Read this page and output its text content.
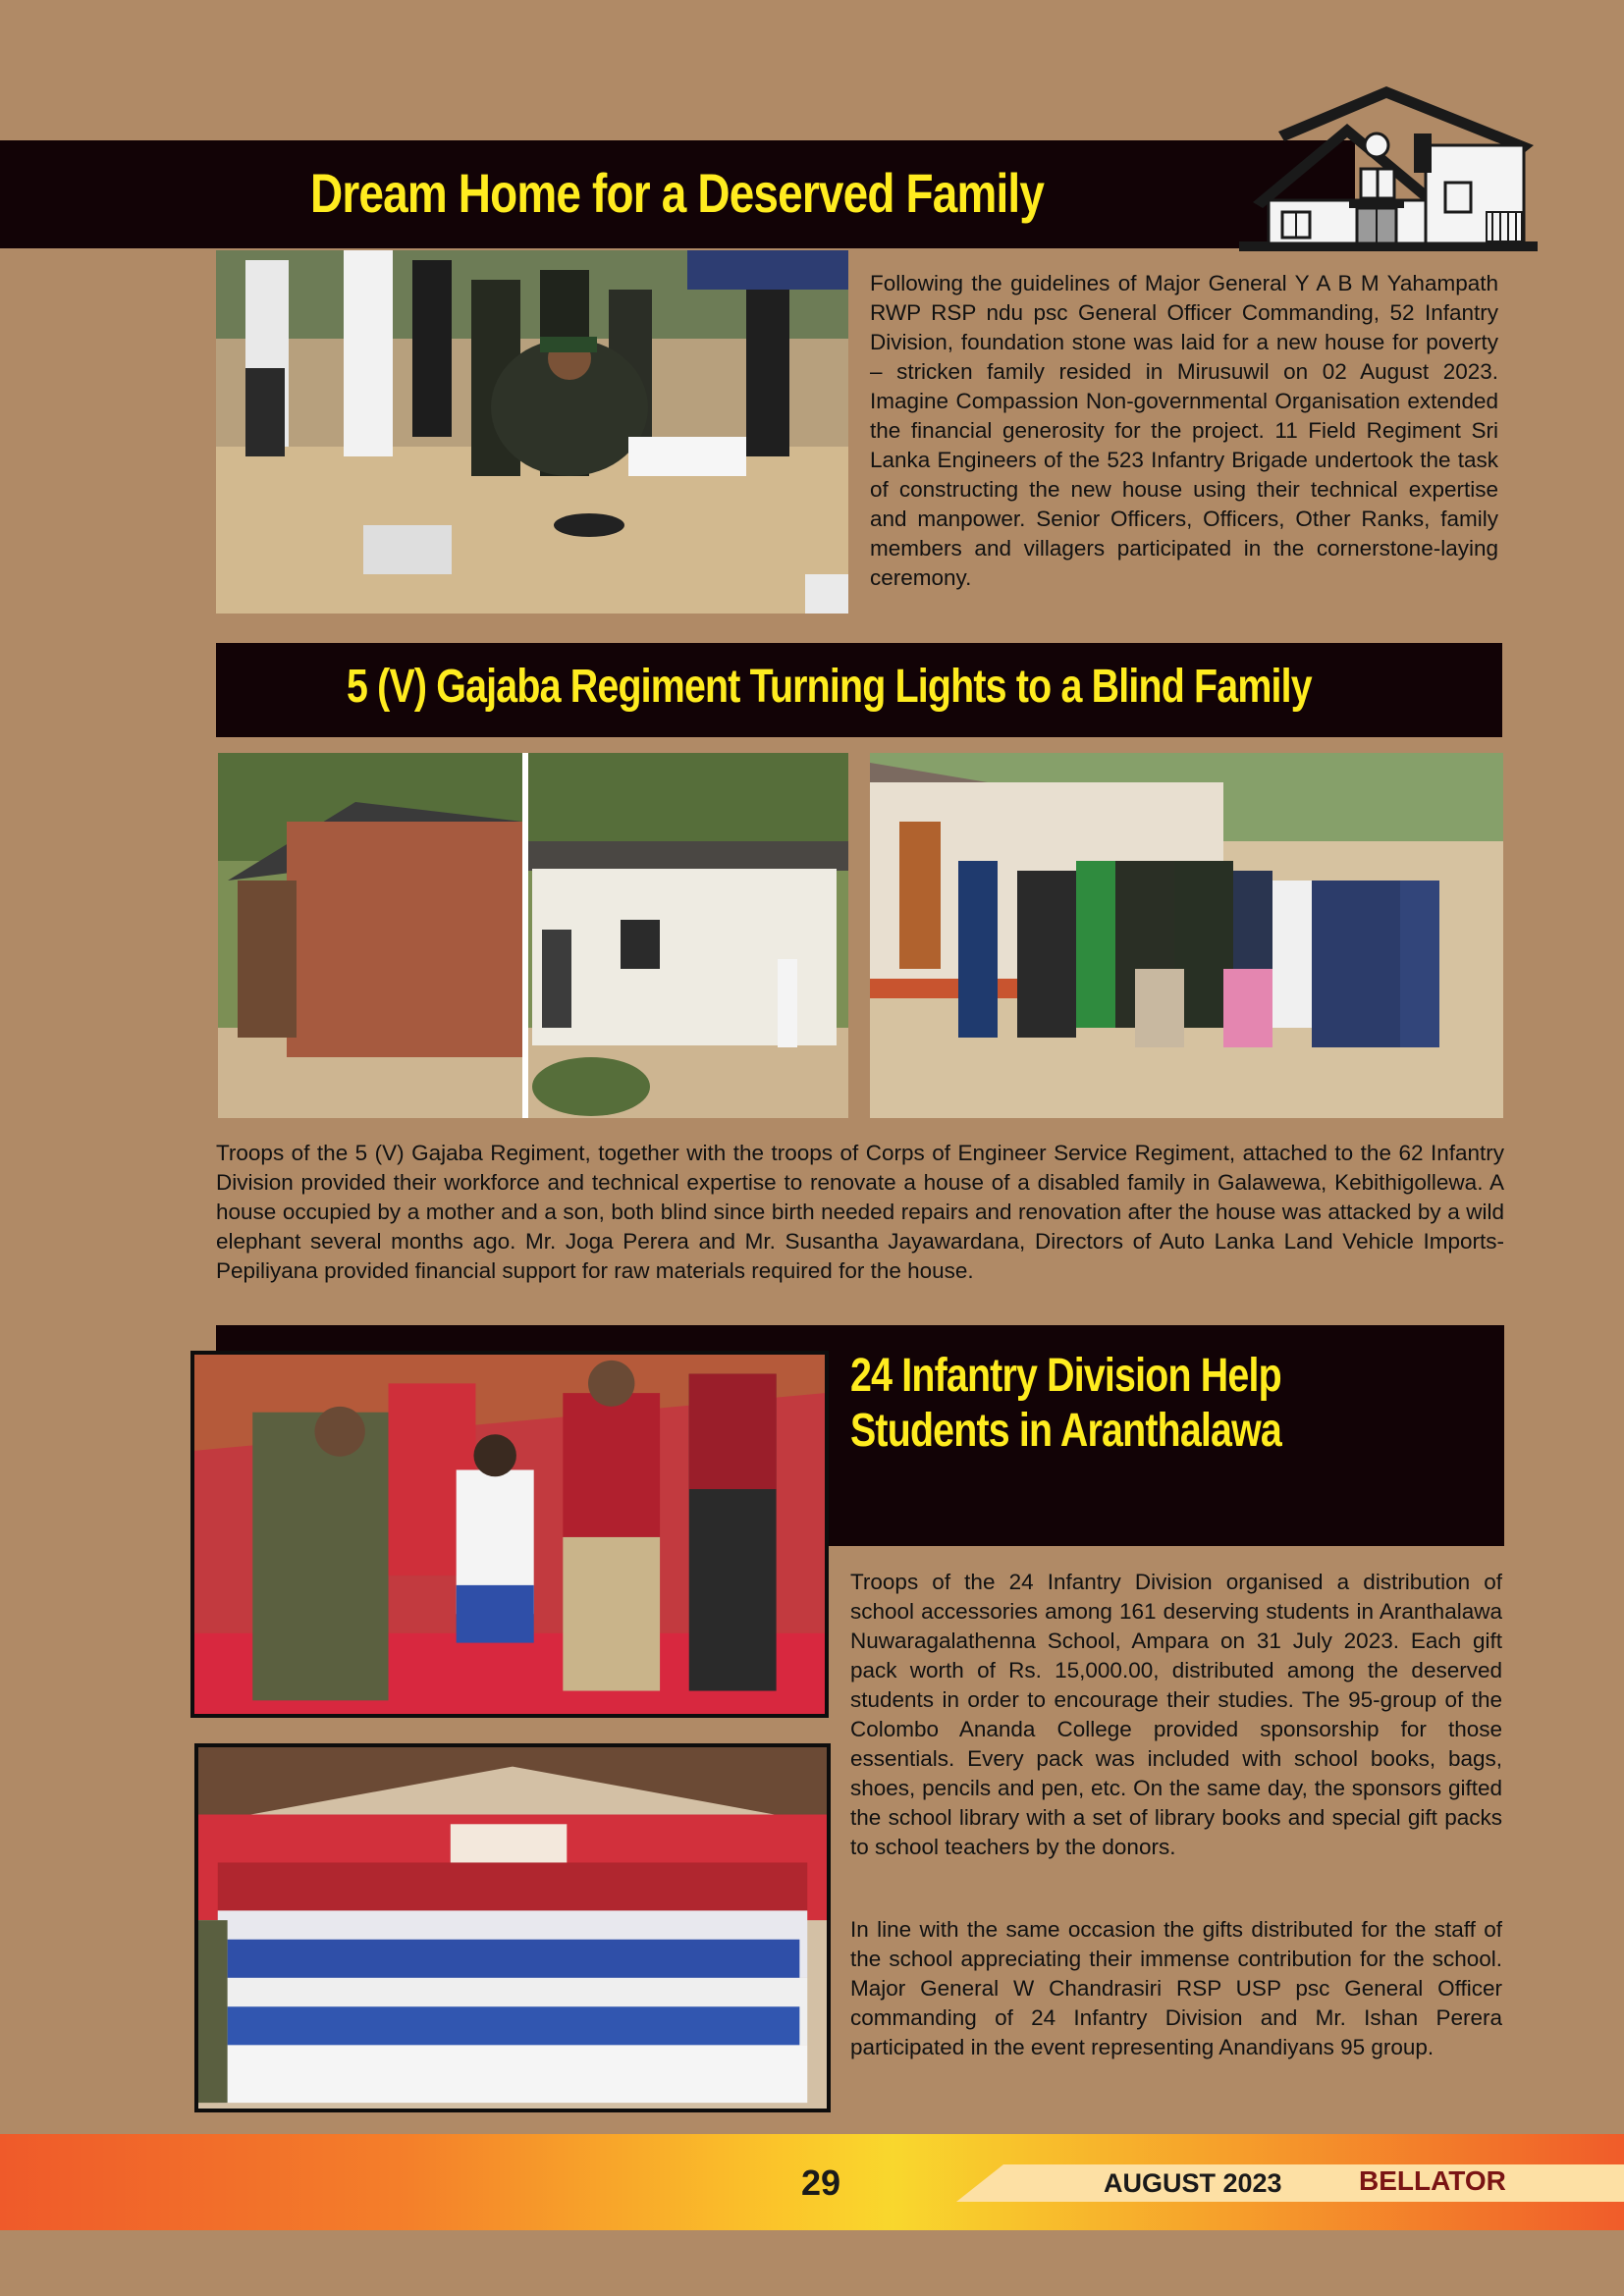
Dream Home for a Deserved Family

Following the guidelines of Major General Y A B M Yahampath RWP RSP ndu psc General Officer Commanding, 52 Infantry Division, foundation stone was laid for a new house for poverty – stricken family resided in Mirusuwil on 02 August 2023. Imagine Compassion Non-governmental Organisation extended the financial generosity for the project. 11 Field Regiment Sri Lanka Engineers of the 523 Infantry Brigade undertook the task of constructing the new house using their technical expertise and manpower. Senior Officers, Officers, Other Ranks, family members and villagers participated in the cornerstone-laying ceremony.

5 (V) Gajaba Regiment Turning Lights to a Blind Family

Troops of the 5 (V) Gajaba Regiment, together with the troops of Corps of Engineer Service Regiment, attached to the 62 Infantry Division provided their workforce and technical expertise to renovate a house of a disabled family in Galawewa, Kebithigollewa. A house occupied by a mother and a son, both blind since birth needed repairs and renovation after the house was attacked by a wild elephant several months ago. Mr. Joga Perera and Mr. Susantha Jayawardana, Directors of Auto Lanka Land Vehicle Imports-Pepiliyana provided financial support for raw materials required for the house.

24 Infantry Division Help
Students in Aranthalawa

Troops of the 24 Infantry Division organised a distribution of school accessories among 161 deserving students in Aranthalawa Nuwaragalathenna School, Ampara on 31 July 2023. Each gift pack worth of Rs. 15,000.00, distributed among the deserved students in order to encourage their studies. The 95-group of the Colombo Ananda College provided sponsorship for those essentials. Every pack was included with school books, bags, shoes, pencils and pen, etc. On the same day, the sponsors gifted the school library with a set of library books and special gift packs to school teachers by the donors.

In line with the same occasion the gifts distributed for the staff of the school appreciating their immense contribution for the school. Major General W Chandrasiri RSP USP psc General Officer commanding of 24 Infantry Division and Mr. Ishan Perera participated in the event representing Anandiyans 95 group.

29	AUGUST 2023	BELLATOR
